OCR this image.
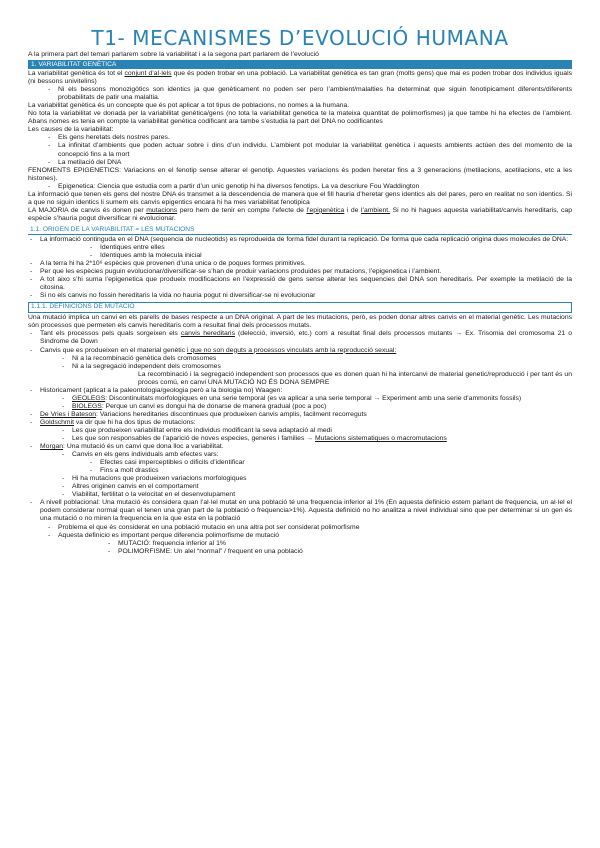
T1- MECANISMES D’EVOLUCIÓ HUMANA

A la primera part del temari parlarem sobre la variabilitat i a la segona part parlarem de l’evolució

1. VARIABILITAT GENÈTICA

La variabilitat genètica és tot el conjunt d’al·lels que és poden trobar en una població. La variabilitat genètica es tan gran (molts gens) que mai es poden trobar dos individus iguals (ni bessons univitelins)

- Ni els bessons monozigòtics son identics ja que genèticament no poden ser pero l’ambient/malalties ha determinat que siguin fenotipicament diferents/diferents probabilitats de patir una malaltia.

La variabilitat genètica és un concepte que és pot aplicar a tot tipus de poblacions, no nomes a la humana.

No tota la variabilitat ve donada per la variabilitat genètica/gens (no tota la variabilitat genetica te la mateixa quantitat de polimorfismes) ja que tambe hi ha efectes de l’ambient. Abans nomes es tenia en compte la variabilitat genètica codificant ara tambe s’estudia la part del DNA no codificantes

Les causes de la variabilitat:

- Els gens heretats dels nostres pares.
- La infinitat d’ambients que poden actuar sobre i dins d’un individu. L’ambient pot modular la variabilitat genètica i aquests ambients actúen des del momento de la concepció fins a la mort
- La metilació del DNA

FENOMENTS EPIGENETICS: Variacions en el fenotip sense alterar el genotip. Aquestes variacions és poden heretar fins a 3 generacions (metilacions, acetilacions, etc a les histones).

- Epigenetica: Ciencia que estudia com a partir d’un unic genotip hi ha diversos fenotips. La va descriure Fou Waddington

La informació que tenen els gens del nostre DNA és transmet a la descendencia de manera que el fill hauria d’heretar gens identics als del pares, pero en realitat no son identics. Si a que no siguin identics li sumem els canvis epigentics encara hi ha mes variabilitat fenotipica

LA MAJORIA de canvis és donen per mutacions pero hem de tenir en compte l’efecte de l’epigenètica i de l’ambient. Si no hi hagues aquesta variabilitat/canvis hereditaris, cap espècie s’hauria pogut diversificar ni evolucionar.

1.1. ORIGEN DE LA VARIABILITAT = LES MUTACIONS
- La informació continguda en el DNA (sequencia de nucleotids) es reprodueida de forma fidel durant la replicació. De forma que cada replicació origina dues molecules de DNA:
- Identiques entre elles
- Identiques amb la molecula inicial
- A la terra hi ha 2*10⁶ espècies que provenen d’una unica o de poques formes primitives.
- Per que les espècies puguin evolucionar/diversificar-se s’han de produir variacions produides per mutacions, l’epigenetica i l’ambient.
- A tot aixo s’hi suma l’epigenetica que produeix modificacions en l’expressió de gens sense alterar les sequencies del DNA son hereditaris. Per exemple la metilació de la citosina.
- Si no els canvis no fossin hereditaris la vida no hauria pogut ni diversificar-se ni evolucionar
1.1.1. DEFINICIONS DE MUTACIÓ

Una mutació implica un canvi en els parells de bases respecte a un DNA original. A part de les mutacions, però, es poden donar altres canvis en el material genètic. Les mutacions són processos que permeten els canvis hereditaris com a resultat final dels processos mutats.

- Tant els processos pels quals sorgeixen els canvis hereditaris (delecció, inversió, etc.) com a resultat final dels processos mutants → Ex. Trisomia del cromosoma 21 o Sindrome de Down
- Canvis que es produeixen en el material genètic i que no son deguts a processos vinculats amb la reproducció sexual:
- Ni a la recombinació genètica dels cromosomes
- Ni a la segregació independent dels cromosomes

La recombinació i la segregació independent son processos que es donen quan hi ha intercanvi de material genetic/reproducció i per tant és un proces comú, en canvi UNA MUTACIÓ NO ÉS DONA SEMPRE

- Historicament (aplicat a la paleontologia/geologia però a la biologia no) Waagen:
- GEOLEGS: Discontinuitats morfologiques en una serie temporal (es va aplicar a una serie temporal → Experiment amb una serie d’ammonits fossils)
- BIOLEGS: Perque un canvi es dongui ha de donarse de manera gradual (poc a poc)
- De Vries i Bateson: Variacions hereditaries discontinues que produeixen canvis amplis, facilment recorreguts
- Goldschmit va dir que hi ha dos tipus de mutacions:
- Les que produeixen variabilitat entre els individus modificant la seva adaptació al medi
- Les que son responsables de l’aparició de noves especies, generes i families → Mutacions sistematiques o macromutacions
- Morgan: Una mutació és un canvi que dona lloc a variabilitat.
- Canvis en els gens individuals amb efectes vars:
- Efectes casi imperceptibles o dificils d’identificar
- Fins a molt drastics
- Hi ha mutacions que produeixen variacions morfologiques
- Altres originen canvis en el comportament
- Viabilitat, fertilitat o la velocitat en el desenvolupament
- A nivell poblacional: Una mutació és considera quan l’al·lel mutat en una població té una frequencia inferior al 1% (En aquesta definicio estem parlant de frequencia, un al·lel el podem considerar normal quan el tenen una gran part de la població o frequencia>1%). Aquesta definició no ho analitza a nivel individual sino que per determinar si un gen és una mutació o no miren la frequencia en la que esta en la població
- Problema el que és considerat en una població mutacio en una altra pot ser considerat polimorfisme
- Aquesta definicio es important perque diferencia polimorfisme de mutació
- MUTACIÓ: frequencia inferior al 1%
- POLIMORFISME: Un alel “normal” / frequent en una població
